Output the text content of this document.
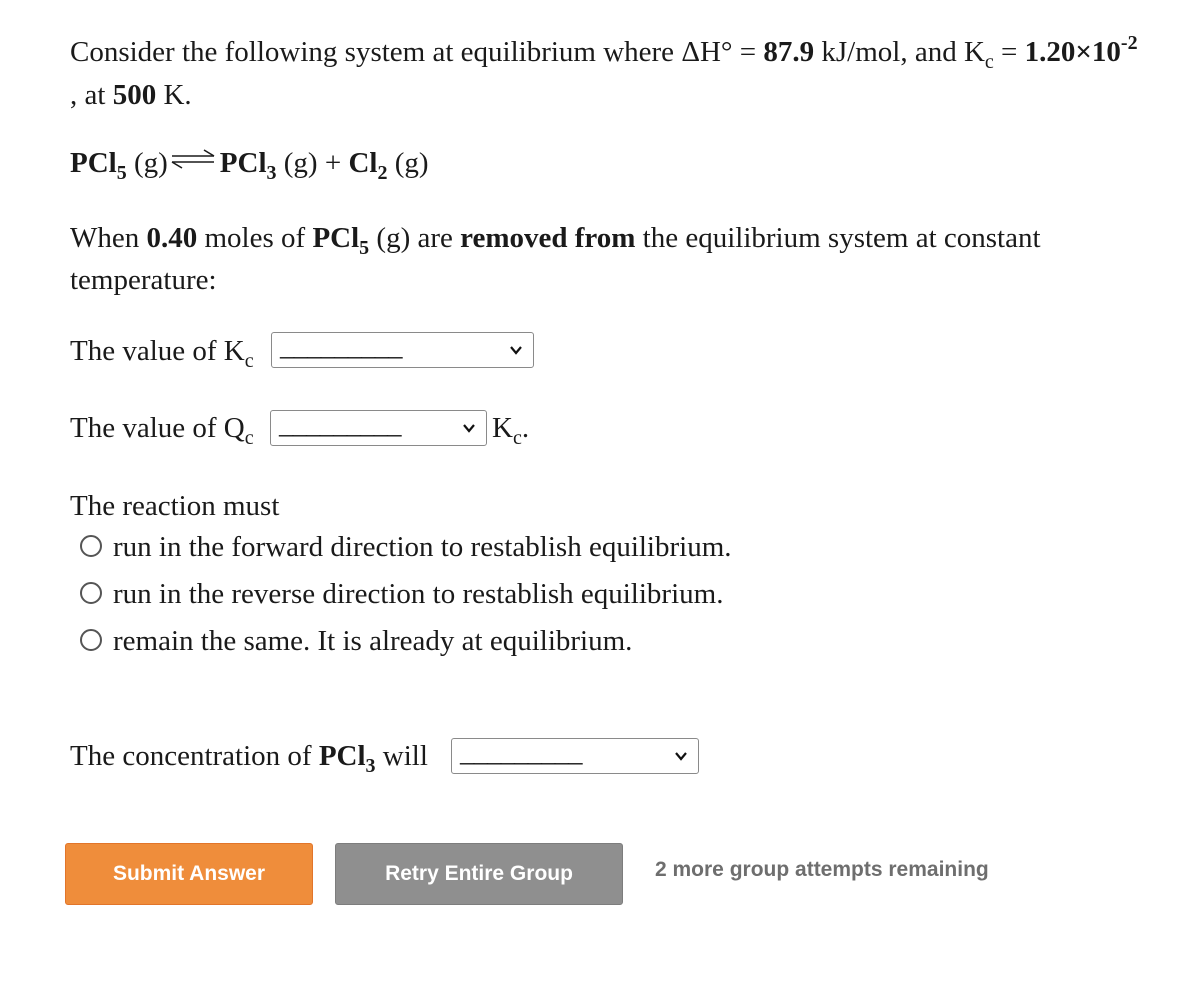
Consider the following system at equilibrium where ΔH° = 87.9 kJ/mol, and $K_c = 1.20\times 10^{-2}$
, at 500 K.
PCl$_5$ (g) ⇌ PCl$_3$ $(g) + Cl_2$ (g)
When 0.40 moles of PCl$_5$ (g) are removed from the equilibrium system at constant
temperature:
The value of $K_c$ _________
The value of $Q_c$ _________	$K_c$.
The reaction must
run in the forward direction to restablish equilibrium.
run in the reverse direction to restablish equilibrium.
remain the same. It is already at equilibrium.
The concentration of PCl$_3$ will _________
Submit Answer	Retry Entire Group	2 more group attempts remaining
